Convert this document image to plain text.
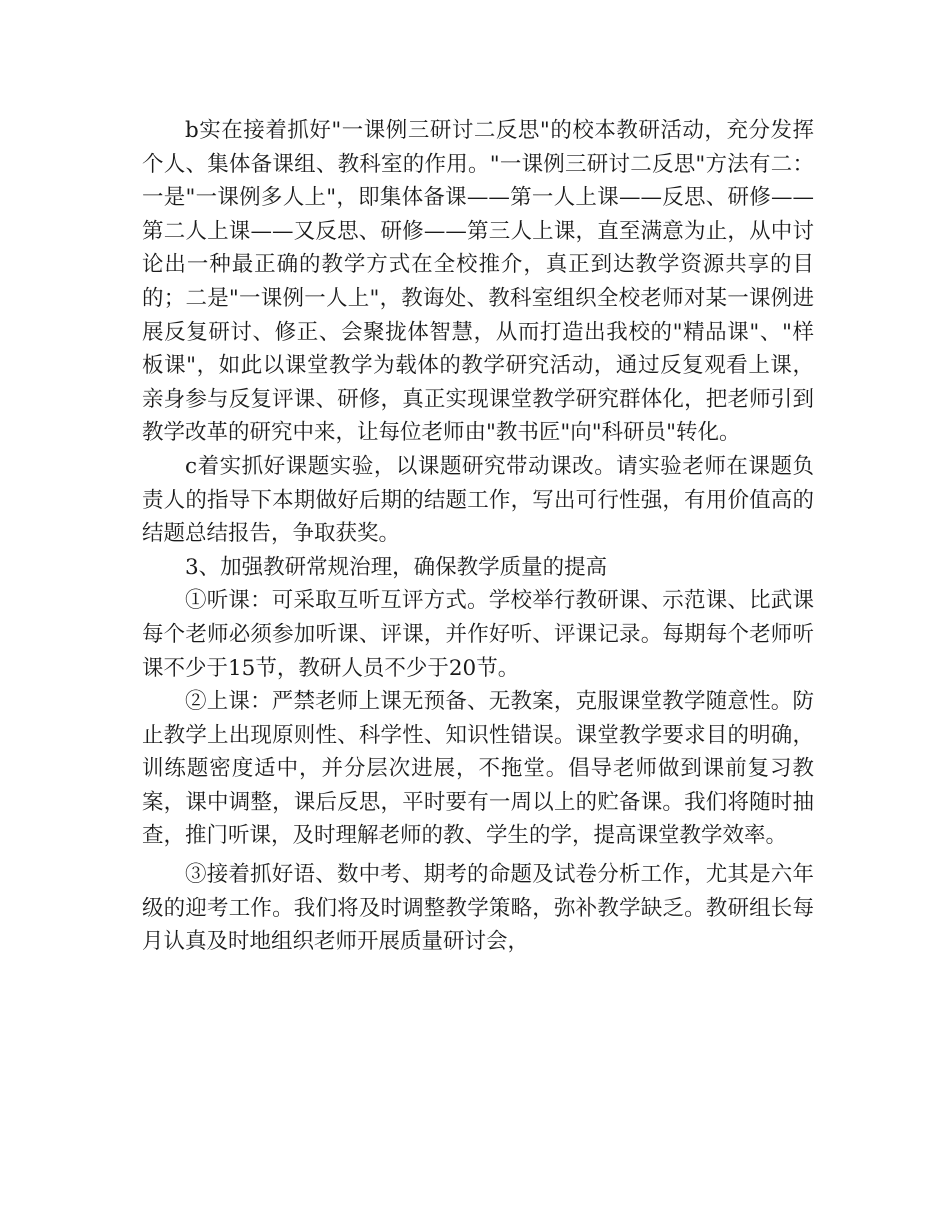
b实在接着抓好"一课例三研讨二反思"的校本教研活动，充分发挥个人、集体备课组、教科室的作用。"一课例三研讨二反思"方法有二：一是"一课例多人上"，即集体备课——第一人上课——反思、研修——第二人上课——又反思、研修——第三人上课，直至满意为止，从中讨论出一种最正确的教学方式在全校推介，真正到达教学资源共享的目的；二是"一课例一人上"，教诲处、教科室组织全校老师对某一课例进展反复研讨、修正、会聚拢体智慧，从而打造出我校的"精品课"、"样板课"，如此以课堂教学为载体的教学研究活动，通过反复观看上课，亲身参与反复评课、研修，真正实现课堂教学研究群体化，把老师引到教学改革的研究中来，让每位老师由"教书匠"向"科研员"转化。

c着实抓好课题实验，以课题研究带动课改。请实验老师在课题负责人的指导下本期做好后期的结题工作，写出可行性强，有用价值高的结题总结报告，争取获奖。

3、加强教研常规治理，确保教学质量的提高

①听课：可采取互听互评方式。学校举行教研课、示范课、比武课每个老师必须参加听课、评课，并作好听、评课记录。每期每个老师听课不少于15节，教研人员不少于20节。

②上课：严禁老师上课无预备、无教案，克服课堂教学随意性。防止教学上出现原则性、科学性、知识性错误。课堂教学要求目的明确，训练题密度适中，并分层次进展，不拖堂。倡导老师做到课前复习教案，课中调整，课后反思，平时要有一周以上的贮备课。我们将随时抽查，推门听课，及时理解老师的教、学生的学，提高课堂教学效率。

③接着抓好语、数中考、期考的命题及试卷分析工作，尤其是六年级的迎考工作。我们将及时调整教学策略，弥补教学缺乏。教研组长每月认真及时地组织老师开展质量研讨会，
